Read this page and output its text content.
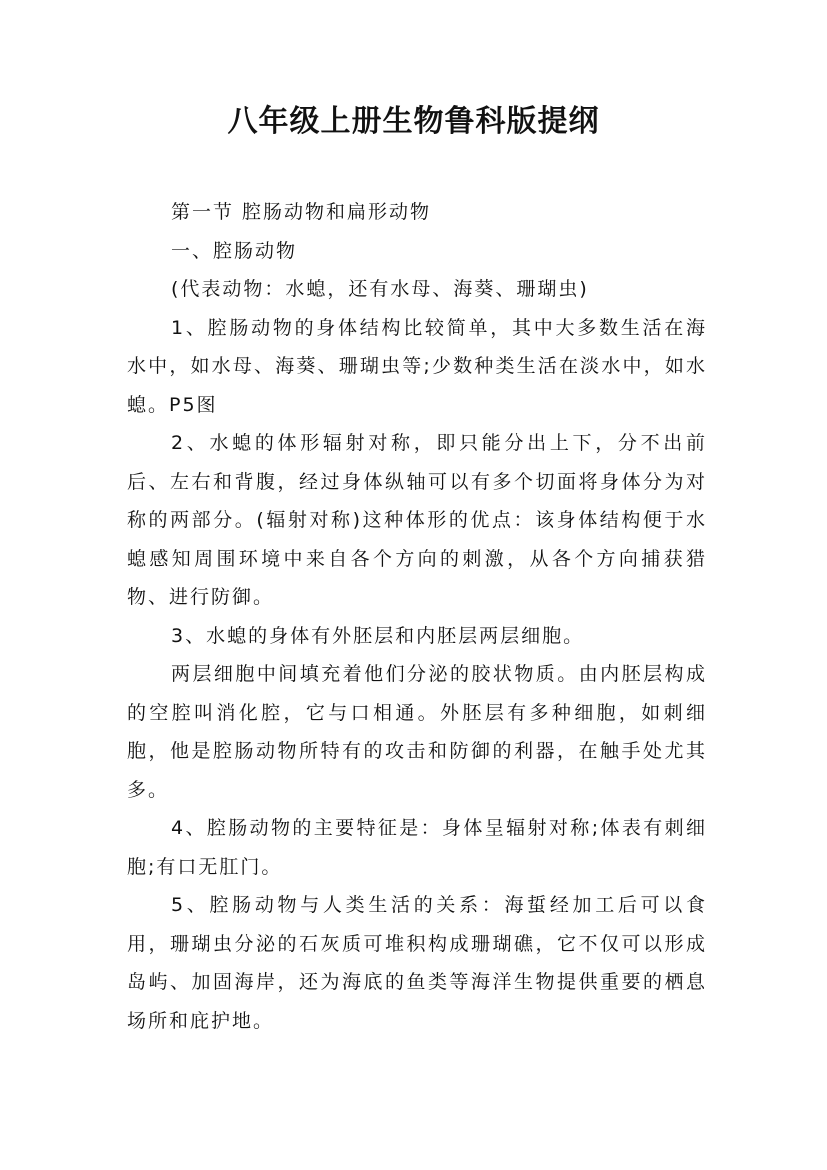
八年级上册生物鲁科版提纲

第一节 腔肠动物和扁形动物

一、腔肠动物

(代表动物：水螅，还有水母、海葵、珊瑚虫)

1、腔肠动物的身体结构比较简单，其中大多数生活在海水中，如水母、海葵、珊瑚虫等;少数种类生活在淡水中，如水螅。P5图

2、水螅的体形辐射对称，即只能分出上下，分不出前后、左右和背腹，经过身体纵轴可以有多个切面将身体分为对称的两部分。(辐射对称)这种体形的优点：该身体结构便于水螅感知周围环境中来自各个方向的刺激，从各个方向捕获猎物、进行防御。

3、水螅的身体有外胚层和内胚层两层细胞。

两层细胞中间填充着他们分泌的胶状物质。由内胚层构成的空腔叫消化腔，它与口相通。外胚层有多种细胞，如刺细胞，他是腔肠动物所特有的攻击和防御的利器，在触手处尤其多。

4、腔肠动物的主要特征是：身体呈辐射对称;体表有刺细胞;有口无肛门。

5、腔肠动物与人类生活的关系：海蜇经加工后可以食用，珊瑚虫分泌的石灰质可堆积构成珊瑚礁，它不仅可以形成岛屿、加固海岸，还为海底的鱼类等海洋生物提供重要的栖息场所和庇护地。
